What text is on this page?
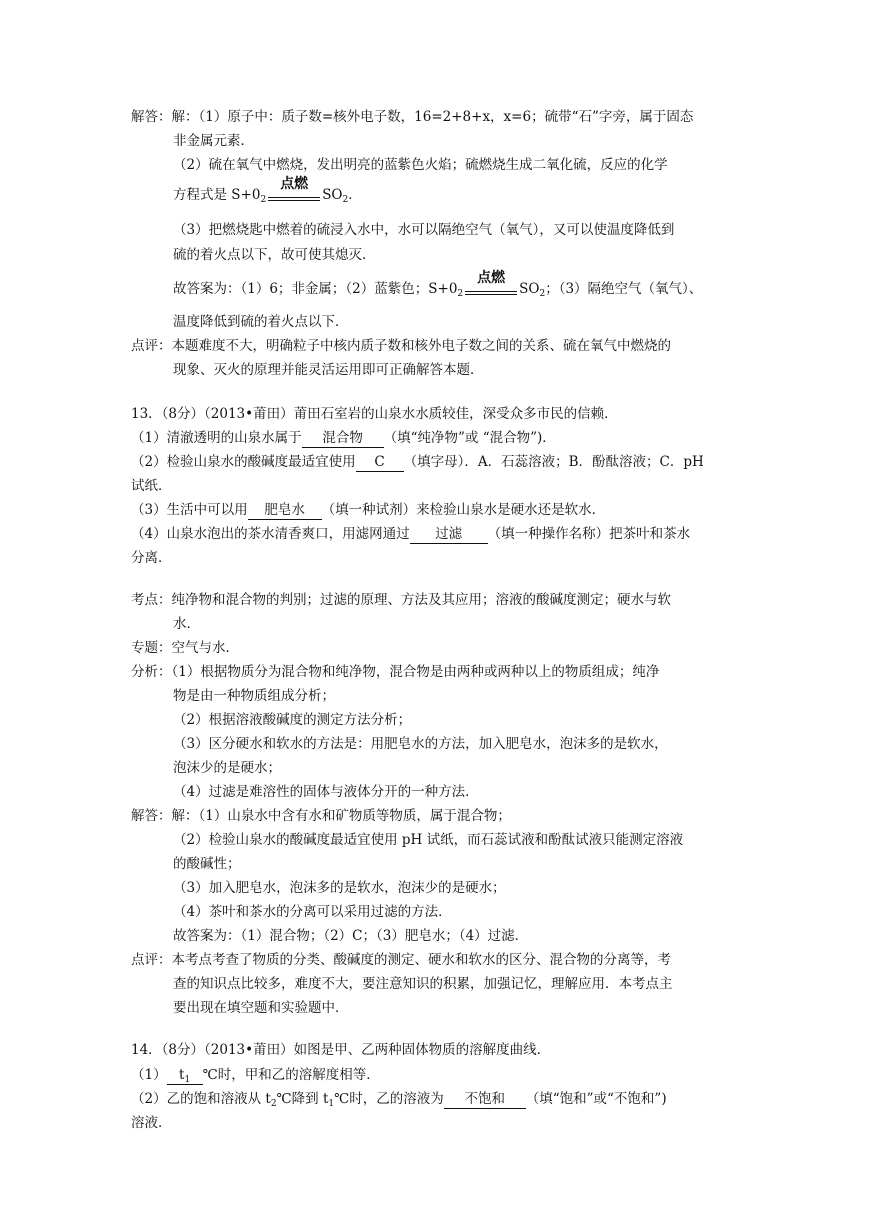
解答：解：（1）原子中：质子数=核外电子数，16=2+8+x，x=6；硫带“石”字旁，属于固态
非金属元素．
（2）硫在氧气中燃烧，发出明亮的蓝紫色火焰；硫燃烧生成二氧化硫，反应的化学
方程式是 $S+0_2$
点燃
$SO_2$．
（3）把燃烧匙中燃着的硫浸入水中，水可以隔绝空气（氧气），又可以使温度降低到
硫的着火点以下，故可使其熄灭．
故答案为：（1）6；非金属；（2）蓝紫色；$S+0_2$
点燃
$SO_2$；（3）隔绝空气（氧气）、
温度降低到硫的着火点以下．
点评：本题难度不大，明确粒子中核内质子数和核外电子数之间的关系、硫在氧气中燃烧的
现象、灭火的原理并能灵活运用即可正确解答本题．
13．（8分）（2013•莆田）莆田石室岩的山泉水水质较佳，深受众多市民的信赖．
（1）清澈透明的山泉水属于 混合物 （填“纯净物”或 “混合物”)．
（2）检验山泉水的酸碱度最适宜使用 C （填字母）．A．石蕊溶液；B．酚酞溶液；C．pH
试纸．
（3）生活中可以用 肥皂水 （填一种试剂）来检验山泉水是硬水还是软水．
（4）山泉水泡出的茶水清香爽口，用滤网通过 过滤 （填一种操作名称）把茶叶和茶水
分离．
考点：纯净物和混合物的判别；过滤的原理、方法及其应用；溶液的酸碱度测定；硬水与软
水．
专题：空气与水．
分析：（1）根据物质分为混合物和纯净物，混合物是由两种或两种以上的物质组成；纯净
物是由一种物质组成分析；
（2）根据溶液酸碱度的测定方法分析；
（3）区分硬水和软水的方法是：用肥皂水的方法，加入肥皂水，泡沫多的是软水，
泡沫少的是硬水；
（4）过滤是难溶性的固体与液体分开的一种方法．
解答：解：（1）山泉水中含有水和矿物质等物质，属于混合物；
（2）检验山泉水的酸碱度最适宜使用 pH 试纸，而石蕊试液和酚酞试液只能测定溶液
的酸碱性；
（3）加入肥皂水，泡沫多的是软水，泡沫少的是硬水；
（4）茶叶和茶水的分离可以采用过滤的方法．
故答案为：（1）混合物；（2）C；（3）肥皂水；（4）过滤．
点评：本考点考查了物质的分类、酸碱度的测定、硬水和软水的区分、混合物的分离等，考
查的知识点比较多，难度不大，要注意知识的积累，加强记忆，理解应用．本考点主
要出现在填空题和实验题中．
14．（8分）（2013•莆田）如图是甲、乙两种固体物质的溶解度曲线．
（1） $t_1$ ℃时，甲和乙的溶解度相等．
（2）乙的饱和溶液从 $t_2℃$降到 $t_1℃$时，乙的溶液为 不饱和 （填“饱和”或“不饱和”)
溶液．
